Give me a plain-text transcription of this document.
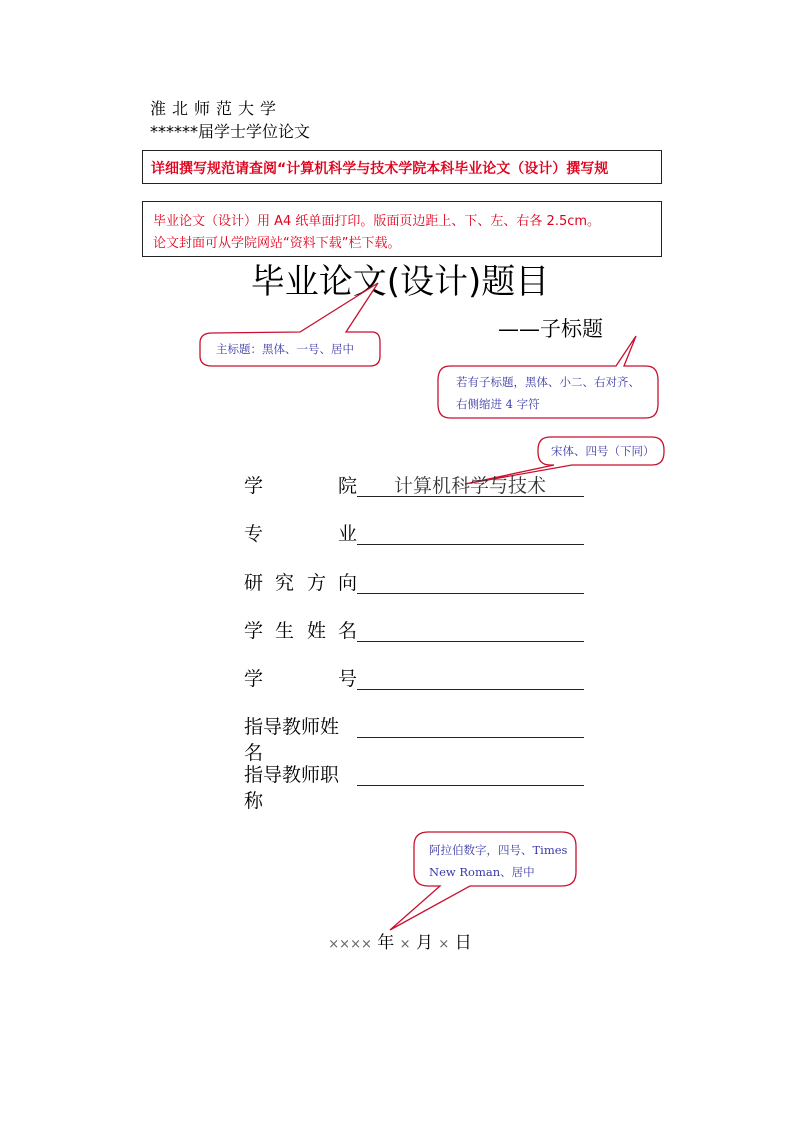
淮北师范大学
******届学士学位论文
详细撰写规范请查阅“计算机科学与技术学院本科毕业论文（设计）撰写规
毕业论文（设计）用 A4 纸单面打印。版面页边距上、下、左、右各 2.5cm。
论文封面可从学院网站“资料下载”栏下载。
毕业论文(设计)题目
——子标题
主标题：黑体、一号、居中
若有子标题，黑体、小二、右对齐、
右侧缩进 4 字符
宋体、四号（下同）
阿拉伯数字，四号、Times
New Roman、居中
学	院 计算机科学与技术
专	业
研 究 方 向
学 生 姓 名
学	号
指导教师姓名
指导教师职称
×××× 年 × 月 × 日
